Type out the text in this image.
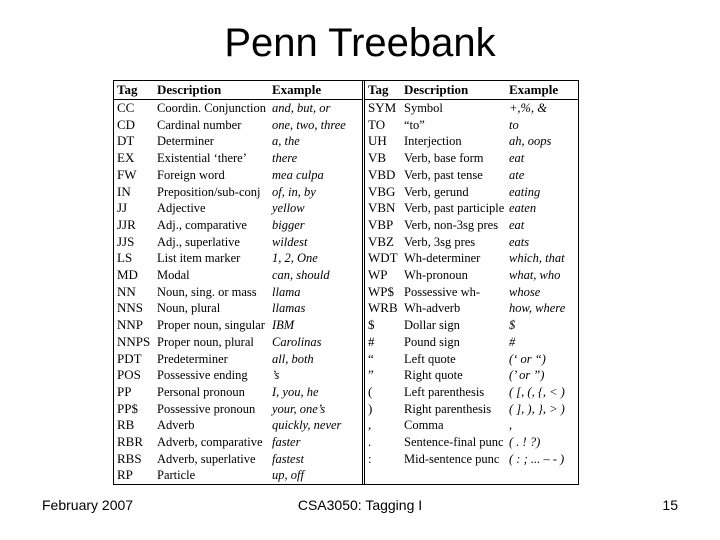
Penn Treebank
Tag	Description	Example
CC	Coordin. Conjunction	and, but, or
CD	Cardinal number	one, two, three
DT	Determiner	a, the
EX	Existential ‘there’	there
FW	Foreign word	mea culpa
IN	Preposition/sub-conj	of, in, by
JJ	Adjective	yellow
JJR	Adj., comparative	bigger
JJS	Adj., superlative	wildest
LS	List item marker	1, 2, One
MD	Modal	can, should
NN	Noun, sing. or mass	llama
NNS	Noun, plural	llamas
NNP	Proper noun, singular	IBM
NNPS	Proper noun, plural	Carolinas
PDT	Predeterminer	all, both
POS	Possessive ending	’s
PP	Personal pronoun	I, you, he
PP$	Possessive pronoun	your, one’s
RB	Adverb	quickly, never
RBR	Adverb, comparative	faster
RBS	Adverb, superlative	fastest
RP	Particle	up, off
Tag	Description	Example
SYM	Symbol	+,%, &
TO	“to”	to
UH	Interjection	ah, oops
VB	Verb, base form	eat
VBD	Verb, past tense	ate
VBG	Verb, gerund	eating
VBN	Verb, past participle	eaten
VBP	Verb, non-3sg pres	eat
VBZ	Verb, 3sg pres	eats
WDT	Wh-determiner	which, that
WP	Wh-pronoun	what, who
WP$	Possessive wh-	whose
WRB	Wh-adverb	how, where
$	Dollar sign	$
#	Pound sign	#
“	Left quote	(‘ or “)
”	Right quote	(’ or ”)
(	Left parenthesis	( [, (, {, < )
)	Right parenthesis	( ], ), }, > )
,	Comma	,
.	Sentence-final punc	( . ! ?)
:	Mid-sentence punc	( : ; ... – - )
February 2007	CSA3050: Tagging I	15
